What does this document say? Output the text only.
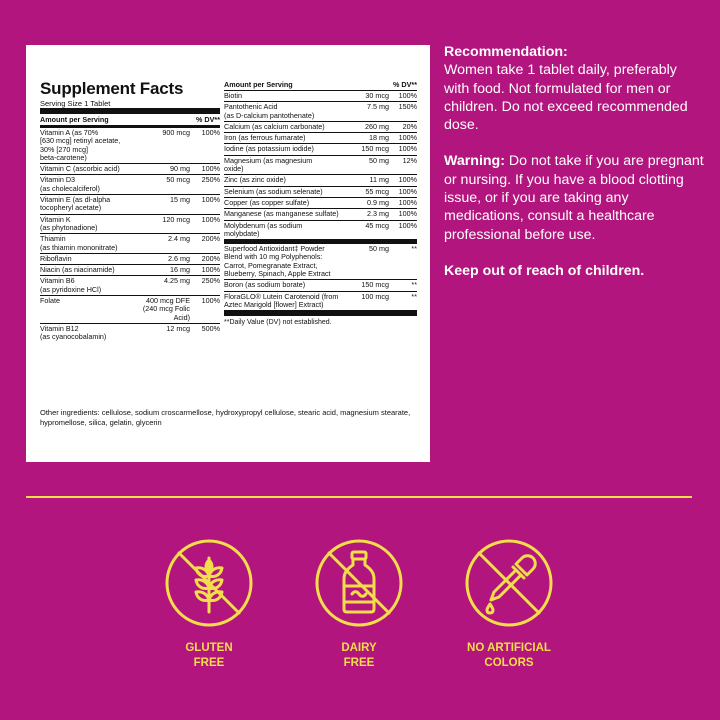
Supplement Facts
Serving Size 1 Tablet
Amount per Serving	% DV**
Vitamin A (as 70%
[630 mcg] retinyl acetate,
30% [270 mcg]
beta-carotene)
900 mcg	100%
Vitamin C (ascorbic acid)	90 mg	100%
Vitamin D3
(as cholecalciferol)
50 mcg	250%
Vitamin E (as dl-alpha
tocopheryl acetate)
15 mg	100%
Vitamin K
(as phytonadione)
120 mcg	100%
Thiamin
(as thiamin mononitrate)
2.4 mg	200%
Riboflavin	2.6 mg	200%
Niacin (as niacinamide)	16 mg	100%
Vitamin B6
(as pyridoxine HCl)
4.25 mg	250%
Folate	400 mcg DFE
(240 mcg Folic Acid)
100%
Vitamin B12
(as cyanocobalamin)
12 mcg	500%
Amount per Serving	% DV**
Biotin	30 mcg	100%
Pantothenic Acid
(as D-calcium pantothenate)
7.5 mg	150%
Calcium (as calcium carbonate)	260 mg	20%
Iron (as ferrous fumarate)	18 mg	100%
Iodine (as potassium iodide)	150 mcg	100%
Magnesium (as magnesium
oxide)
50 mg	12%
Zinc (as zinc oxide)	11 mg	100%
Selenium (as sodium selenate)	55 mcg	100%
Copper (as copper sulfate)	0.9 mg	100%
Manganese (as manganese sulfate)	2.3 mg	100%
Molybdenum (as sodium
molybdate)
45 mcg	100%
Superfood Antioxidant‡ Powder
Blend with 10 mg Polyphenols:
Carrot, Pomegranate Extract,
Blueberry, Spinach, Apple Extract
50 mg	**
Boron (as sodium borate)	150 mcg	**
FloraGLO® Lutein Carotenoid (from
Aztec Marigold [flower] Extract)
100 mcg	**
**Daily Value (DV) not established.
Other ingredients: cellulose, sodium croscarmellose, hydroxypropyl cellulose, stearic acid, magnesium stearate, hypromellose, silica, gelatin, glycerin

Recommendation:
Women take 1 tablet daily, preferably with food. Not formulated for men or children. Do not exceed recommended dose.

Warning: Do not take if you are pregnant or nursing. If you have a blood clotting issue, or if you are taking any medications, consult a healthcare professional before use.

Keep out of reach of children.

GLUTEN
FREE
DAIRY
FREE
NO ARTIFICIAL
COLORS
